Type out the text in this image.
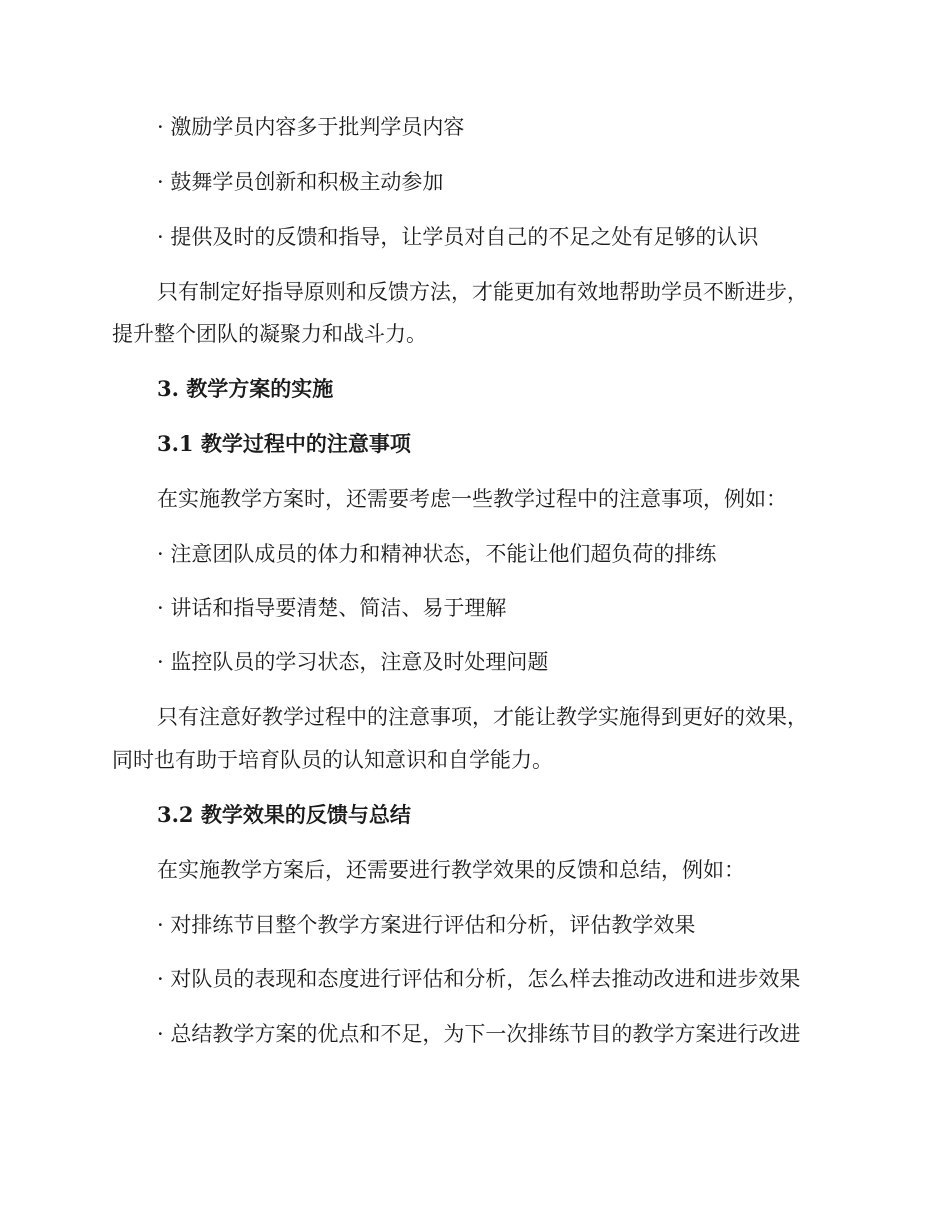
· 激励学员内容多于批判学员内容

· 鼓舞学员创新和积极主动参加

· 提供及时的反馈和指导，让学员对自己的不足之处有足够的认识

只有制定好指导原则和反馈方法，才能更加有效地帮助学员不断进步，

提升整个团队的凝聚力和战斗力。

3. 教学方案的实施

3.1 教学过程中的注意事项

在实施教学方案时，还需要考虑一些教学过程中的注意事项，例如：

· 注意团队成员的体力和精神状态，不能让他们超负荷的排练

· 讲话和指导要清楚、简洁、易于理解

· 监控队员的学习状态，注意及时处理问题

只有注意好教学过程中的注意事项，才能让教学实施得到更好的效果，

同时也有助于培育队员的认知意识和自学能力。

3.2 教学效果的反馈与总结

在实施教学方案后，还需要进行教学效果的反馈和总结，例如：

· 对排练节目整个教学方案进行评估和分析，评估教学效果

· 对队员的表现和态度进行评估和分析，怎么样去推动改进和进步效果

· 总结教学方案的优点和不足，为下一次排练节目的教学方案进行改进
